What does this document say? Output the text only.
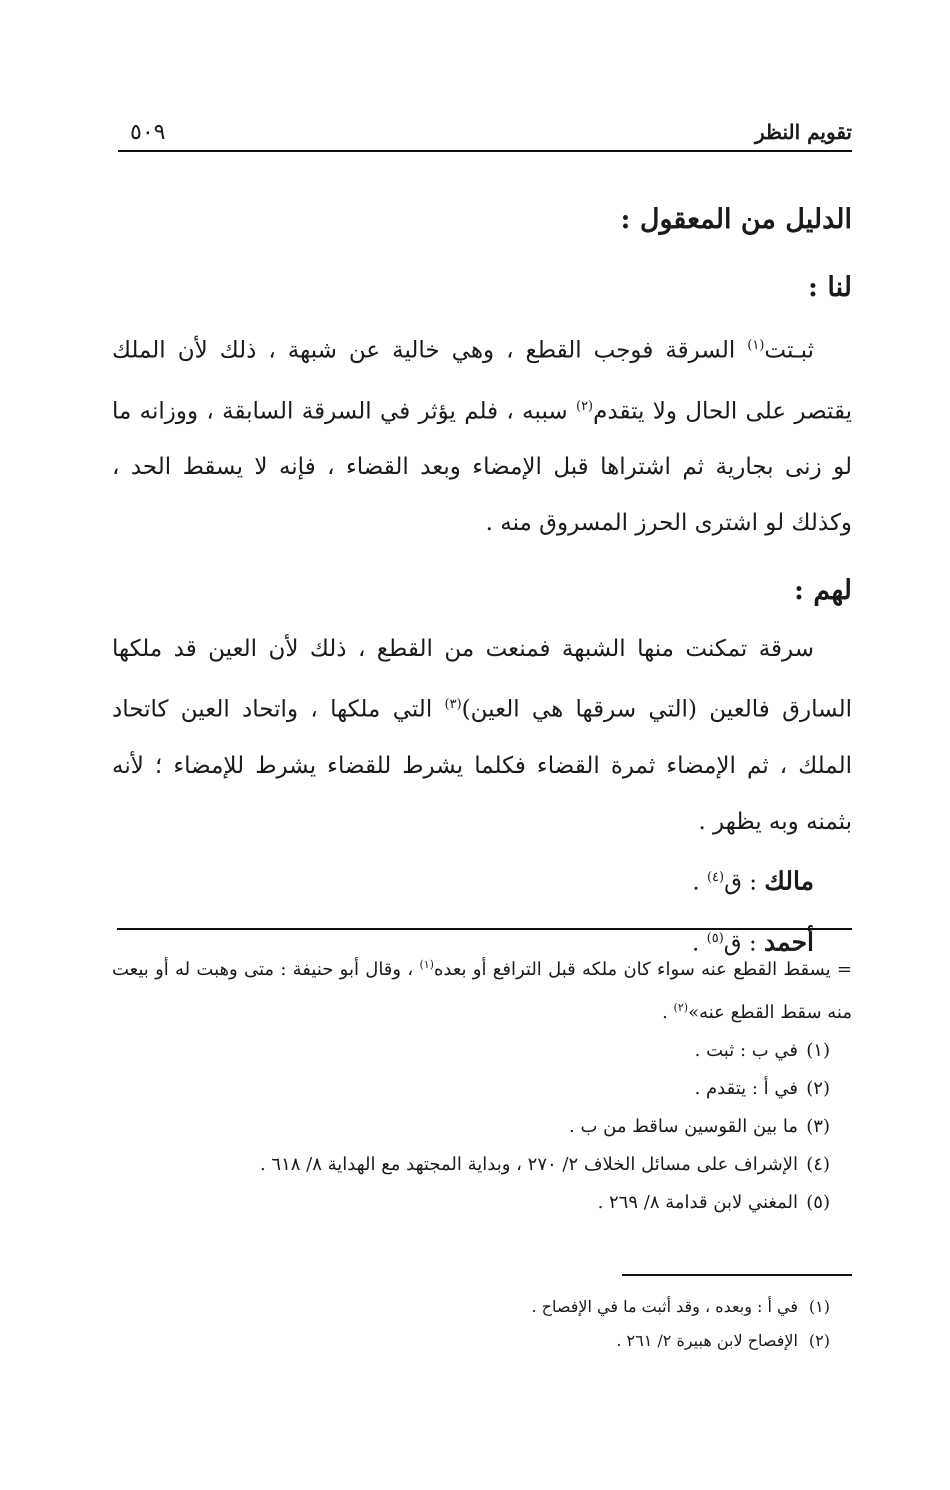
تقويم النظر
٥٠٩

الدليل من المعقول :

لنا :

ثبـتت$^{(١)}$ السرقة فوجب القطع ، وهي خالية عن شبهة ، ذلك لأن الملك يقتصر على الحال ولا يتقدم$^{(٢)}$ سببه ، فلم يؤثر في السرقة السابقة ، ووزانه ما لو زنى بجارية ثم اشتراها قبل الإمضاء وبعد القضاء ، فإنه لا يسقط الحد ، وكذلك لو اشترى الحرز المسروق منه .

لهم :

سرقة تمكنت منها الشبهة فمنعت من القطع ، ذلك لأن العين قد ملكها السارق فالعين (التي سرقها هي العين)$^{(٣)}$ التي ملكها ، واتحاد العين كاتحاد الملك ، ثم الإمضاء ثمرة القضاء فكلما يشرط للقضاء يشرط للإمضاء ؛ لأنه بثمنه وبه يظهر .

مالك : ق$^{(٤)}$ .

أحمد : ق$^{(٥)}$ .

= يسقط القطع عنه سواء كان ملكه قبل الترافع أو بعده$^{(١)}$ ، وقال أبو حنيفة : متى وهبت له أو بيعت منه سقط القطع عنه»$^{(٢)}$ .

(١)في ب : ثبت .

(٢)في أ : يتقدم .

(٣)ما بين القوسين ساقط من ب .

(٤)الإشراف على مسائل الخلاف ٢/ ٢٧٠ ، وبداية المجتهد مع الهداية ٨/ ٦١٨ .

(٥)المغني لابن قدامة ٨/ ٢٦٩ .

(١)في أ : وبعده ، وقد أثبت ما في الإفصاح .

(٢)الإفصاح لابن هبيرة ٢/ ٢٦١ .
